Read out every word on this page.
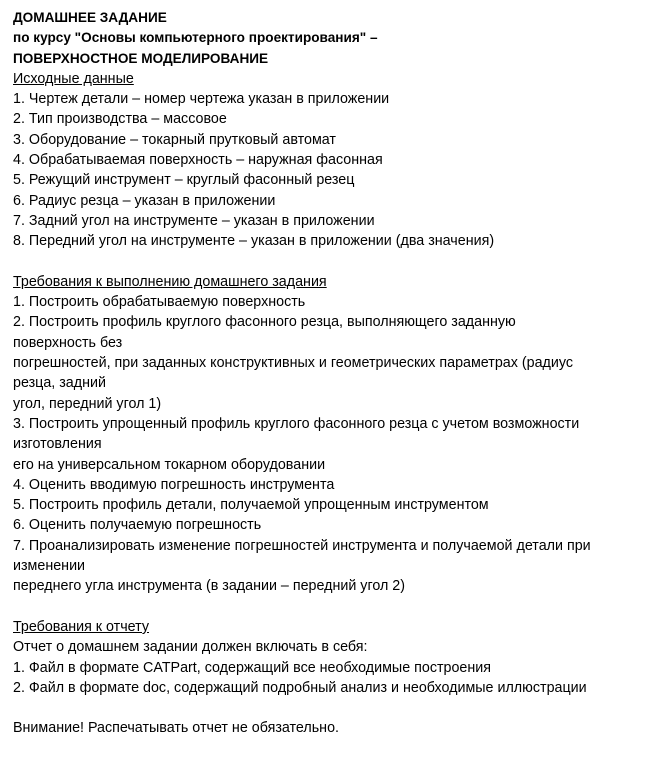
ДОМАШНЕЕ ЗАДАНИЕ
по курсу "Основы компьютерного проектирования" –
ПОВЕРХНОСТНОЕ МОДЕЛИРОВАНИЕ
Исходные данные
1. Чертеж детали – номер чертежа указан в приложении
2. Тип производства – массовое
3. Оборудование – токарный прутковый автомат
4. Обрабатываемая поверхность – наружная фасонная
5. Режущий инструмент – круглый фасонный резец
6. Радиус резца – указан в приложении
7. Задний угол на инструменте – указан в приложении
8. Передний угол на инструменте – указан в приложении (два значения)
Требования к выполнению домашнего задания
1. Построить обрабатываемую поверхность
2. Построить профиль круглого фасонного резца, выполняющего заданную
поверхность без
погрешностей, при заданных конструктивных и геометрических параметрах (радиус
резца, задний
угол, передний угол 1)
3. Построить упрощенный профиль круглого фасонного резца с учетом возможности
изготовления
его на универсальном токарном оборудовании
4. Оценить вводимую погрешность инструмента
5. Построить профиль детали, получаемой упрощенным инструментом
6. Оценить получаемую погрешность
7. Проанализировать изменение погрешностей инструмента и получаемой детали при
изменении
переднего угла инструмента (в задании – передний угол 2)
Требования к отчету
Отчет о домашнем задании должен включать в себя:
1. Файл в формате CATPart, содержащий все необходимые построения
2. Файл в формате doc, содержащий подробный анализ и необходимые иллюстрации
Внимание! Распечатывать отчет не обязательно.
